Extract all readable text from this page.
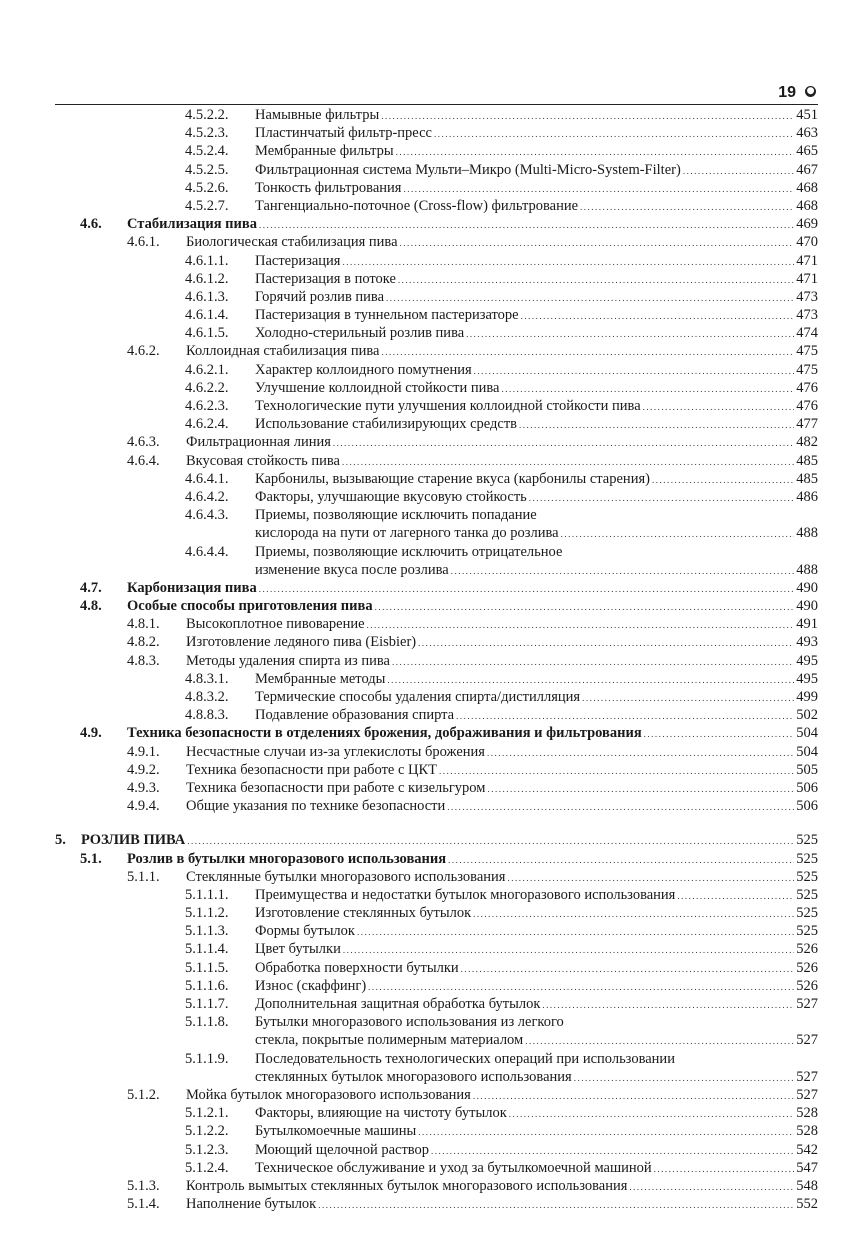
19 ●
4.5.2.2. Намывные фильтры .....	451
4.5.2.3. Пластинчатый фильтр-пресс .....	463
4.5.2.4. Мембранные фильтры .....	465
4.5.2.5. Фильтрационная система Мульти–Микро (Multi-Micro-System-Filter) .....	467
4.5.2.6. Тонкость фильтрования .....	468
4.5.2.7. Тангенциально-поточное (Cross-flow) фильтрование .....	468
4.6. Стабилизация пива .....	469
4.6.1. Биологическая стабилизация пива .....	470
4.6.1.1. Пастеризация .....	471
4.6.1.2. Пастеризация в потоке .....	471
4.6.1.3. Горячий розлив пива .....	473
4.6.1.4. Пастеризация в туннельном пастеризаторе .....	473
4.6.1.5. Холодно-стерильный розлив пива .....	474
4.6.2. Коллоидная стабилизация пива .....	475
4.6.2.1. Характер коллоидного помутнения .....	475
4.6.2.2. Улучшение коллоидной стойкости пива .....	476
4.6.2.3. Технологические пути улучшения коллоидной стойкости пива .....	476
4.6.2.4. Использование стабилизирующих средств .....	477
4.6.3. Фильтрационная линия .....	482
4.6.4. Вкусовая стойкость пива .....	485
4.6.4.1. Карбонилы, вызывающие старение вкуса (карбонилы старения) .....	485
4.6.4.2. Факторы, улучшающие вкусовую стойкость .....	486
4.6.4.3. Приемы, позволяющие исключить попадание
кислорода на пути от лагерного танка до розлива .....	488
4.6.4.4. Приемы, позволяющие исключить отрицательное
изменение вкуса после розлива .....	488
4.7. Карбонизация пива .....	490
4.8. Особые способы приготовления пива .....	490
4.8.1. Высокоплотное пивоварение .....	491
4.8.2. Изготовление ледяного пива (Eisbier) .....	493
4.8.3. Методы удаления спирта из пива .....	495
4.8.3.1. Мембранные методы .....	495
4.8.3.2. Термические способы удаления спирта/дистилляция .....	499
4.8.8.3. Подавление образования спирта .....	502
4.9. Техника безопасности в отделениях брожения, дображивания и фильтрования .....	504
4.9.1. Несчастные случаи из-за углекислоты брожения .....	504
4.9.2. Техника безопасности при работе с ЦКТ .....	505
4.9.3. Техника безопасности при работе с кизельгуром .....	506
4.9.4. Общие указания по технике безопасности .....	506
5. РОЗЛИВ ПИВА .....	525
5.1. Розлив в бутылки многоразового использования .....	525
5.1.1. Стеклянные бутылки многоразового использования .....	525
5.1.1.1. Преимущества и недостатки бутылок многоразового использования .....	525
5.1.1.2. Изготовление стеклянных бутылок .....	525
5.1.1.3. Формы бутылок .....	525
5.1.1.4. Цвет бутылки .....	526
5.1.1.5. Обработка поверхности бутылки .....	526
5.1.1.6. Износ (скаффинг) .....	526
5.1.1.7. Дополнительная защитная обработка бутылок .....	527
5.1.1.8. Бутылки многоразового использования из легкого
стекла, покрытые полимерным материалом .....	527
5.1.1.9. Последовательность технологических операций при использовании
стеклянных бутылок многоразового использования .....	527
5.1.2. Мойка бутылок многоразового использования .....	527
5.1.2.1. Факторы, влияющие на чистоту бутылок .....	528
5.1.2.2. Бутылкомоечные машины .....	528
5.1.2.3. Моющий щелочной раствор .....	542
5.1.2.4. Техническое обслуживание и уход за бутылкомоечной машиной .....	547
5.1.3. Контроль вымытых стеклянных бутылок многоразового использования .....	548
5.1.4. Наполнение бутылок .....	552
